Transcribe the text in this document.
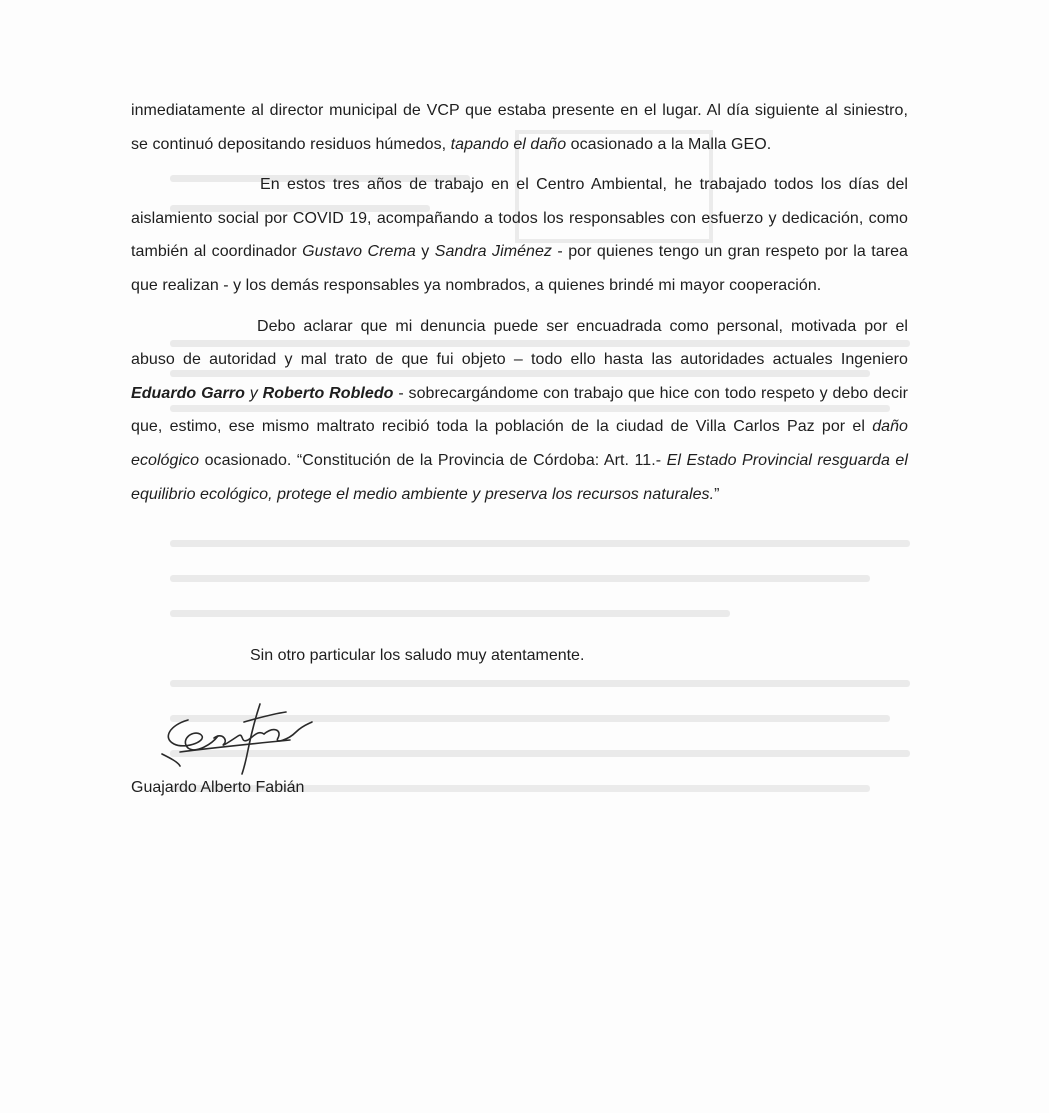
inmediatamente al director municipal de VCP que estaba presente en el lugar. Al día siguiente al siniestro, se continuó depositando residuos húmedos, tapando el daño ocasionado a la Malla GEO.

En estos tres años de trabajo en el Centro Ambiental, he trabajado todos los días del aislamiento social por COVID 19, acompañando a todos los responsables con esfuerzo y dedicación, como también al coordinador Gustavo Crema y Sandra Jiménez - por quienes tengo un gran respeto por la tarea que realizan - y los demás responsables ya nombrados, a quienes brindé mi mayor cooperación.

Debo aclarar que mi denuncia puede ser encuadrada como personal, motivada por el abuso de autoridad y mal trato de que fui objeto – todo ello hasta las autoridades actuales Ingeniero Eduardo Garro y Roberto Robledo - sobrecargándome con trabajo que hice con todo respeto y debo decir que, estimo, ese mismo maltrato recibió toda la población de la ciudad de Villa Carlos Paz por el daño ecológico ocasionado. “Constitución de la Provincia de Córdoba: Art. 11.- El Estado Provincial resguarda el equilibrio ecológico, protege el medio ambiente y preserva los recursos naturales.”

Sin otro particular los saludo muy atentamente.
Guajardo Alberto Fabián
